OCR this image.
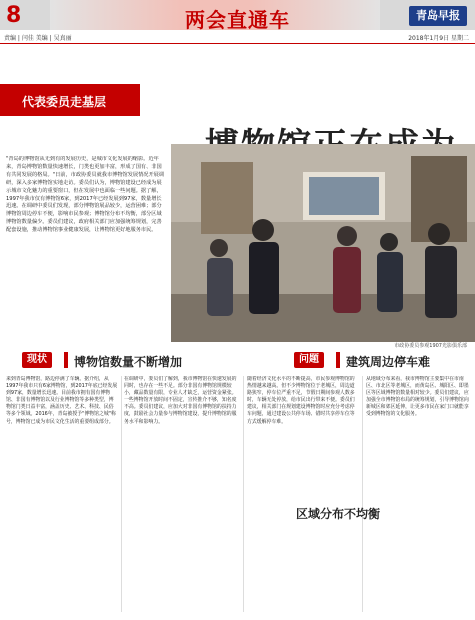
8	两会直通车	青岛早报
责编 | 闫佳 美编 | 吴真丽	2018年1月9日 星期二
代表委员走基层

"青岛的博物馆从无到有的发展历史，是城市文化发展的缩影。近年来，青岛博物馆数量快速增长，门类也更加丰富，形成了国有、非国有共同发展的格局。"日前，市政协委员就我市博物馆发展情况开展调研，深入多家博物馆实地走访。委员们认为，博物馆建设已经成为展示城市文化魅力的重要窗口，但在发展中也面临一些问题。据了解，1997年我市仅有博物馆6家，到2017年已经发展到97家，数量增长迅速。在调研中委员们发现，部分博物馆展品较少，运营困难；部分博物馆周边停车不便，影响市民参观；博物馆分布不均衡，部分区域博物馆数量偏少。委员们建议，政府相关部门应加强统筹规划，完善配套设施，推动博物馆事业健康发展，让博物馆更好地服务市民。

市政协委员参观1907光影俱乐部
现状	博物馆数量不断增加	问题	建筑周边停车难

来到青岛博物馆，路边停满了车辆。据介绍，从1997年我市只有6家博物馆，到2017年底已经发展到97家，数量增长迅速。目前我市拥有国有博物馆、非国有博物馆以及行业博物馆等多种类型，博物馆门类日益丰富，涵盖历史、艺术、科技、民俗等多个领域。2016年，青岛被授予"博物馆之城"称号，博物馆已成为市民文化生活的重要组成部分。

在调研中，委员们了解到，我市博物馆在快速发展的同时，也存在一些不足。部分非国有博物馆规模较小，藏品数量有限，专业人才缺乏，运营资金紧张。一些博物馆开放时间不固定，宣传推介不够，知名度不高。委员们建议，应加大对非国有博物馆的扶持力度，鼓励社会力量参与博物馆建设，提升博物馆的服务水平和影响力。

随着经济文化水平的不断提高，市民参观博物馆的热情越来越高。但不少博物馆位于老城区，周边道路狭窄，停车位严重不足，节假日期间参观人数多时，车辆无处停放，给市民出行带来不便。委员们建议，相关部门在规划建设博物馆时应充分考虑停车问题，通过建设公共停车场、错时共享停车位等方式缓解停车难。

从地域分布来看，我市博物馆主要集中在市南区、市北区等老城区，而黄岛区、城阳区、即墨区等区域博物馆数量相对较少。委员们建议，应加强全市博物馆布局的统筹规划，引导博物馆向新城区和郊区延伸，让更多市民在家门口就能享受到博物馆的文化服务。

区域分布不均衡
